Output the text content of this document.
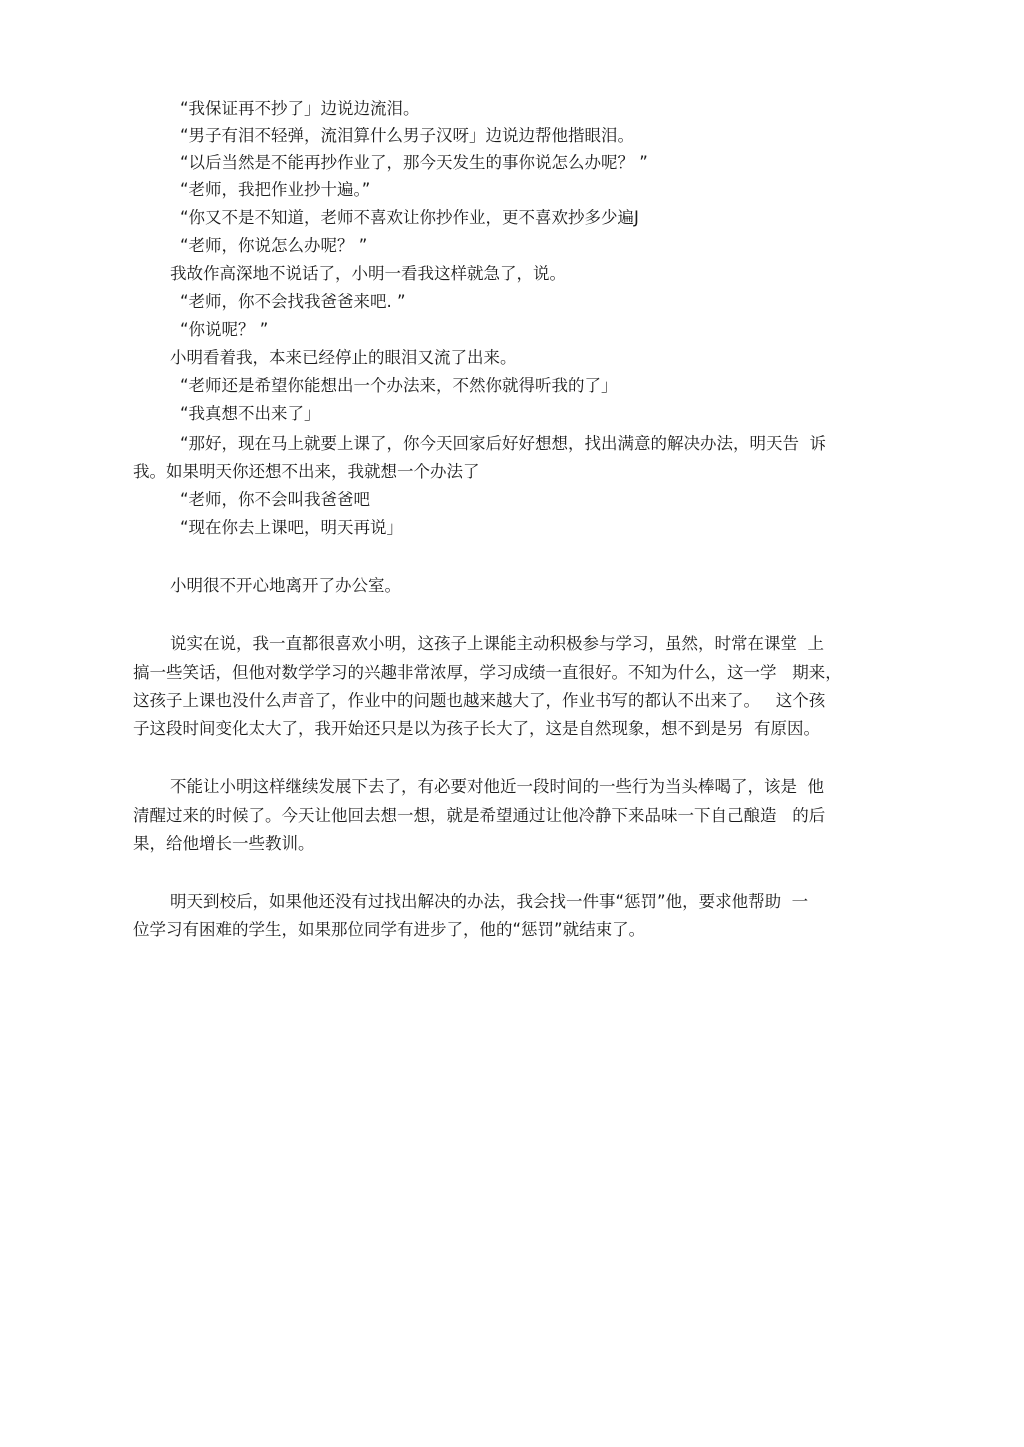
“我保证再不抄了」边说边流泪。

“男子有泪不轻弹，流泪算什么男子汉呀」边说边帮他揩眼泪。

“以后当然是不能再抄作业了，那今天发生的事你说怎么办呢？ ”

“老师，我把作业抄十遍。”

“你又不是不知道，老师不喜欢让你抄作业，更不喜欢抄多少遍J

“老师，你说怎么办呢？ ”

我故作高深地不说话了，小明一看我这样就急了，说。

“老师，你不会找我爸爸来吧. ”

“你说呢？ ”

小明看着我，本来已经停止的眼泪又流了出来。

“老师还是希望你能想出一个办法来，不然你就得听我的了」

“我真想不出来了」

“那好，现在马上就要上课了，你今天回家后好好想想，找出满意的解决办法，明天告  诉

我。如果明天你还想不出来，我就想一个办法了

“老师，你不会叫我爸爸吧

“现在你去上课吧，明天再说」

小明很不开心地离开了办公室。

说实在说，我一直都很喜欢小明，这孩子上课能主动积极参与学习，虽然，时常在课堂  上

搞一些笑话，但他对数学学习的兴趣非常浓厚，学习成绩一直很好。不知为什么，这一学   期来，

这孩子上课也没什么声音了，作业中的问题也越来越大了，作业书写的都认不出来了。   这个孩

子这段时间变化太大了，我开始还只是以为孩子长大了，这是自然现象，想不到是另  有原因。

不能让小明这样继续发展下去了，有必要对他近一段时间的一些行为当头棒喝了，该是  他

清醒过来的时候了。今天让他回去想一想，就是希望通过让他冷静下来品味一下自己酿造   的后

果，给他增长一些教训。

明天到校后，如果他还没有过找出解决的办法，我会找一件事“惩罚”他，要求他帮助  一

位学习有困难的学生，如果那位同学有进步了，他的“惩罚”就结束了。
